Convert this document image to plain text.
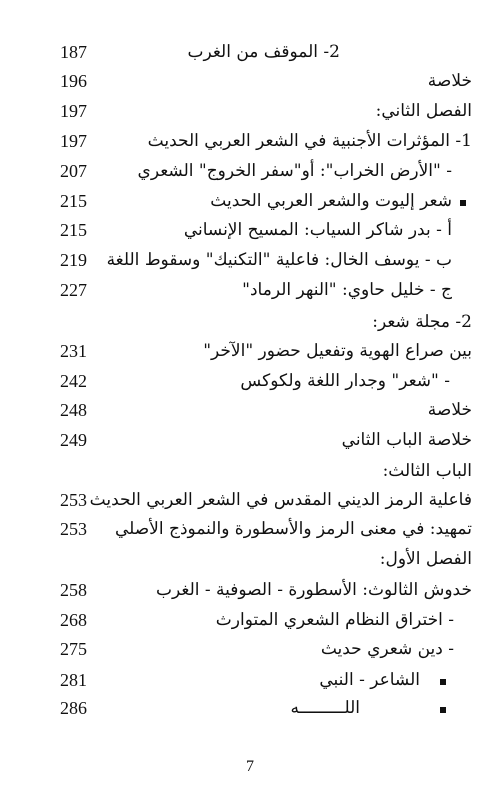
2- الموقف من الغرب
187
خلاصة
196
الفصل الثاني:
197
1- المؤثرات الأجنبية في الشعر العربي الحديث
197
- "الأرض الخراب": أو"سفر الخروج" الشعري
207
شعر إليوت والشعر العربي الحديث
215
أ - بدر شاكر السياب: المسيح الإنساني
215
ب - يوسف الخال: فاعلية "التكنيك" وسقوط اللغة
219
ج - خليل حاوي: "النهر الرماد"
227
2- مجلة شعر:
بين صراع الهوية وتفعيل حضور "الآخر"
231
- "شعر" وجدار اللغة ولكوكس
242
خلاصة
248
خلاصة الباب الثاني
249
الباب الثالث:
فاعلية الرمز الديني المقدس في الشعر العربي الحديث
253
تمهيد: في معنى الرمز والأسطورة والنموذج الأصلي
253
الفصل الأول:
خدوش الثالوث: الأسطورة - الصوفية - الغرب
258
- اختراق النظام الشعري المتوارث
268
- دين شعري حديث
275
الشاعر - النبي
281
اللـــــــــه
286
7
